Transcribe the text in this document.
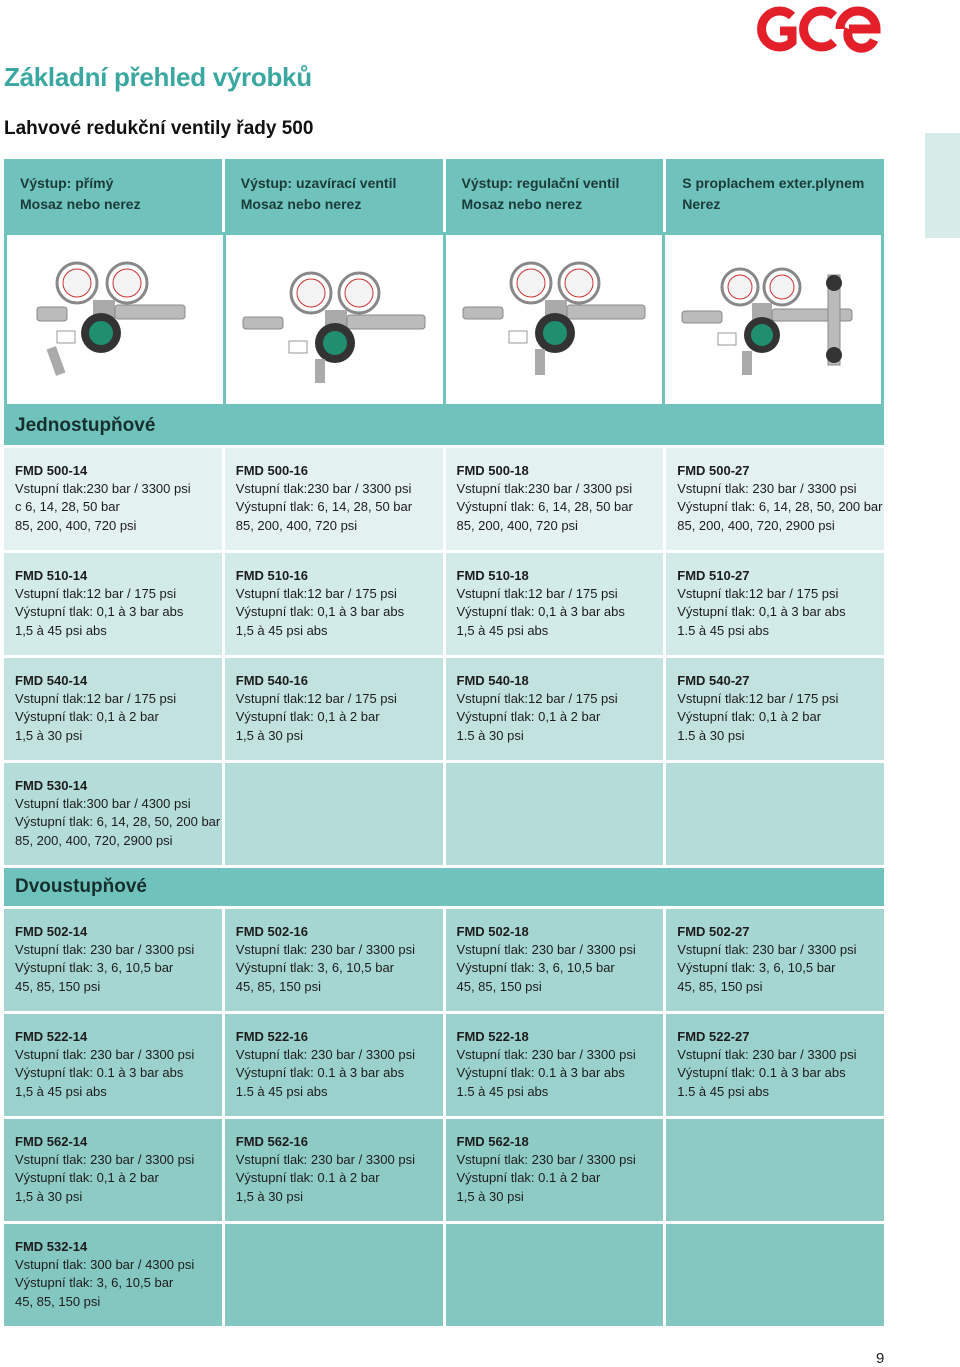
Základní přehled výrobků
Lahvové redukční ventily řady 500
Výstup: přímý
Mosaz nebo nerez
Výstup: uzavírací ventil
Mosaz nebo nerez
Výstup: regulační ventil
Mosaz nebo nerez
S proplachem exter.plynem
Nerez
Jednostupňové
FMD 500-14
Vstupní tlak:230 bar / 3300 psi
c 6, 14, 28, 50 bar
85, 200, 400, 720 psi
FMD 500-16
Vstupní tlak:230 bar / 3300 psi
Výstupní tlak: 6, 14, 28, 50 bar
85, 200, 400, 720 psi
FMD 500-18
Vstupní tlak:230 bar / 3300 psi
Výstupní tlak: 6, 14, 28, 50 bar
85, 200, 400, 720 psi
FMD 500-27
Vstupní tlak: 230 bar / 3300 psi
Výstupní tlak: 6, 14, 28, 50, 200 bar
85, 200, 400, 720, 2900 psi
FMD 510-14
Vstupní tlak:12 bar / 175 psi
Výstupní tlak: 0,1 à 3 bar abs
1,5 à 45 psi abs
FMD 510-16
Vstupní tlak:12 bar / 175 psi
Výstupní tlak: 0,1 à 3 bar abs
1,5 à 45 psi abs
FMD 510-18
Vstupní tlak:12 bar / 175 psi
Výstupní tlak: 0,1 à 3 bar abs
1,5 à 45 psi abs
FMD 510-27
Vstupní tlak:12 bar / 175 psi
Výstupní tlak: 0,1 à 3 bar abs
1.5 à 45 psi abs
FMD 540-14
Vstupní tlak:12 bar / 175 psi
Výstupní tlak: 0,1 à 2 bar
1,5 à 30 psi
FMD 540-16
Vstupní tlak:12 bar / 175 psi
Výstupní tlak: 0,1 à 2 bar
1,5 à 30 psi
FMD 540-18
Vstupní tlak:12 bar / 175 psi
Výstupní tlak: 0,1 à 2 bar
1.5 à 30 psi
FMD 540-27
Vstupní tlak:12 bar / 175 psi
Výstupní tlak: 0,1 à 2 bar
1.5 à 30 psi
FMD 530-14
Vstupní tlak:300 bar / 4300 psi
Výstupní tlak: 6, 14, 28, 50, 200 bar
85, 200, 400, 720, 2900 psi
Dvoustupňové
FMD 502-14
Vstupní tlak: 230 bar / 3300 psi
Výstupní tlak: 3, 6, 10,5 bar
45, 85, 150 psi
FMD 502-16
Vstupní tlak: 230 bar / 3300 psi
Výstupní tlak: 3, 6, 10,5 bar
45, 85, 150 psi
FMD 502-18
Vstupní tlak: 230 bar / 3300 psi
Výstupní tlak: 3, 6, 10,5 bar
45, 85, 150 psi
FMD 502-27
Vstupní tlak: 230 bar / 3300 psi
Výstupní tlak: 3, 6, 10,5 bar
45, 85, 150 psi
FMD 522-14
Vstupní tlak: 230 bar / 3300 psi
Výstupní tlak: 0.1 à 3 bar abs
1,5 à 45 psi abs
FMD 522-16
Vstupní tlak: 230 bar / 3300 psi
Výstupní tlak: 0.1 à 3 bar abs
1.5 à 45 psi abs
FMD 522-18
Vstupní tlak: 230 bar / 3300 psi
Výstupní tlak: 0.1 à 3 bar abs
1.5 à 45 psi abs
FMD 522-27
Vstupní tlak: 230 bar / 3300 psi
Výstupní tlak: 0.1 à 3 bar abs
1.5 à 45 psi abs
FMD 562-14
Vstupní tlak: 230 bar / 3300 psi
Výstupní tlak: 0,1 à 2 bar
1,5 à 30 psi
FMD 562-16
Vstupní tlak: 230 bar / 3300 psi
Výstupní tlak: 0.1 à 2 bar
1,5 à 30 psi
FMD 562-18
Vstupní tlak: 230 bar / 3300 psi
Výstupní tlak: 0.1 à 2 bar
1,5 à 30 psi
FMD 532-14
Vstupní tlak: 300 bar / 4300 psi
Výstupní tlak: 3, 6, 10,5 bar
45, 85, 150 psi
9
